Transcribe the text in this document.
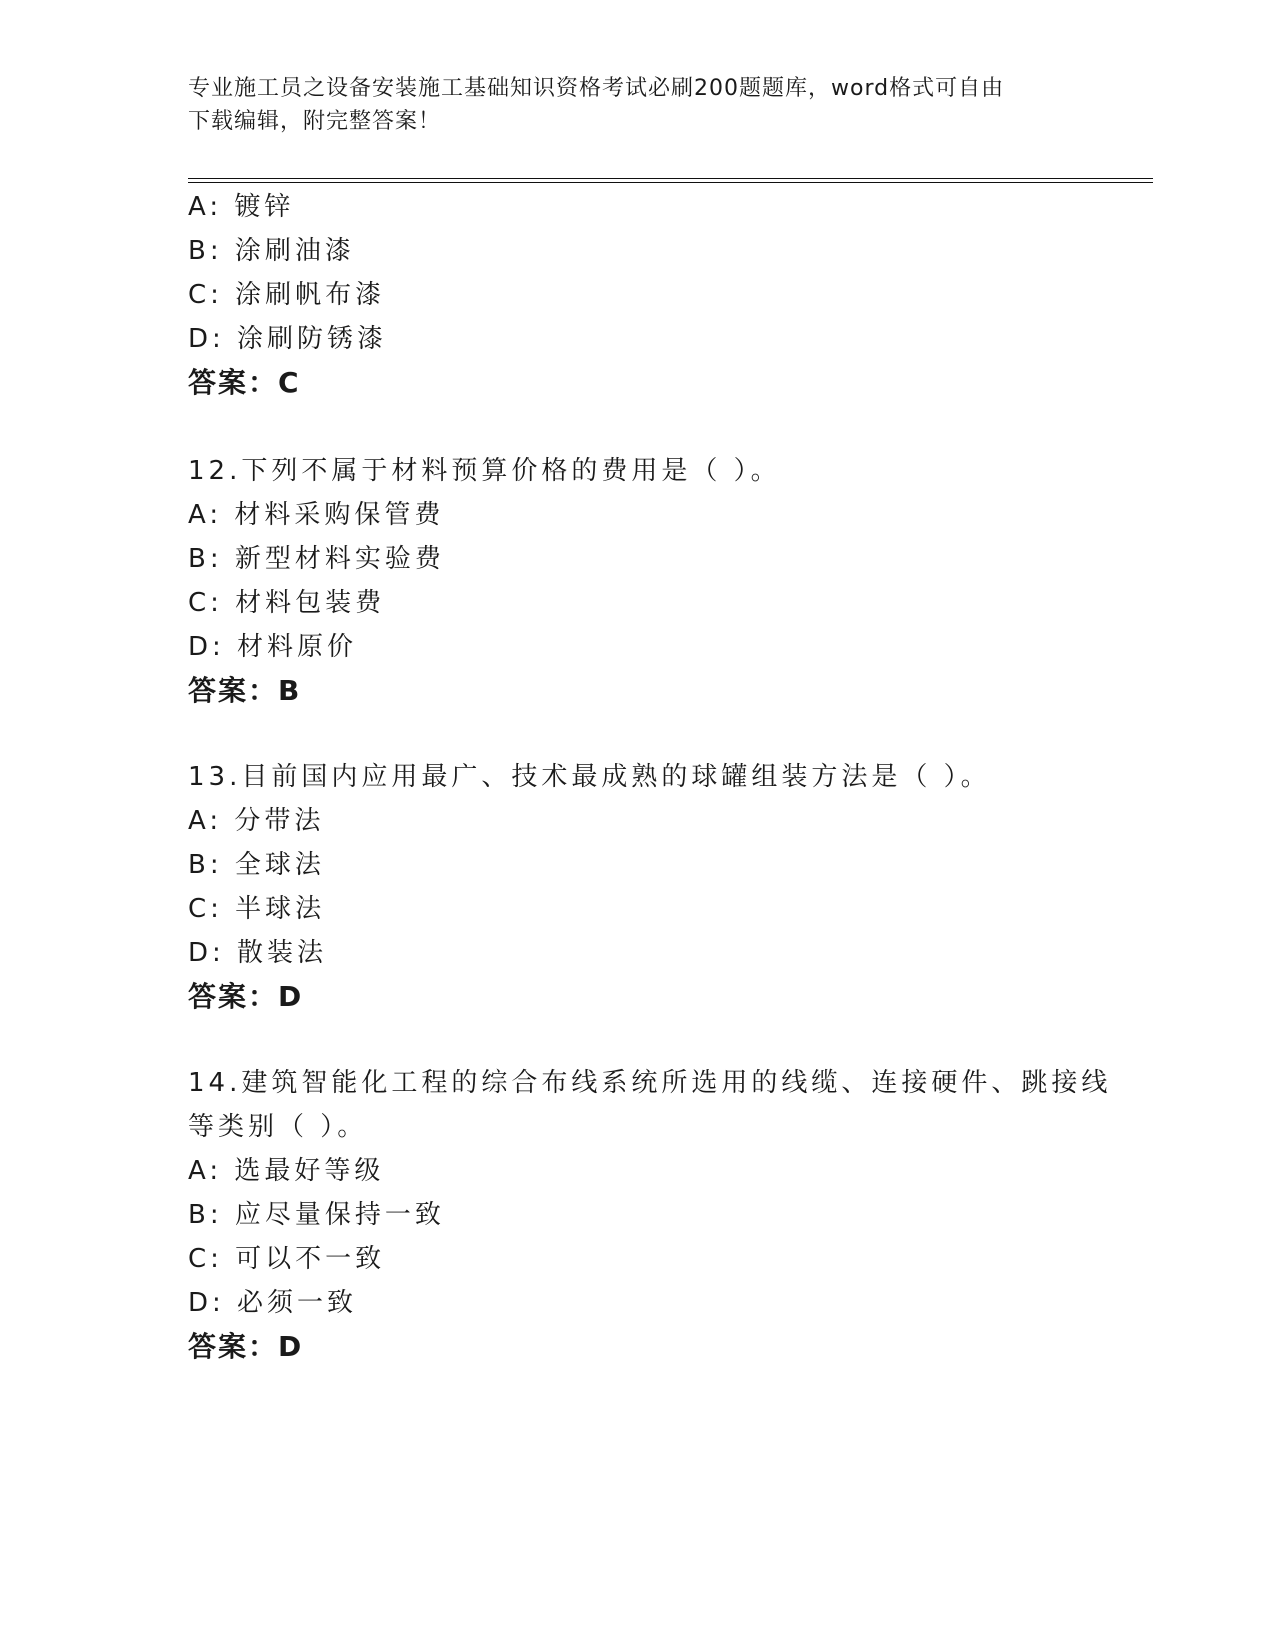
专业施工员之设备安装施工基础知识资格考试必刷200题题库，word格式可自由
下载编辑，附完整答案！
A: 镀锌
B: 涂刷油漆
C: 涂刷帆布漆
D: 涂刷防锈漆
答案：C
12.下列不属于材料预算价格的费用是（ ）。
A: 材料采购保管费
B: 新型材料实验费
C: 材料包装费
D: 材料原价
答案：B
13.目前国内应用最广、技术最成熟的球罐组装方法是（ ）。
A: 分带法
B: 全球法
C: 半球法
D: 散装法
答案：D
14.建筑智能化工程的综合布线系统所选用的线缆、连接硬件、跳接线
等类别（ ）。
A: 选最好等级
B: 应尽量保持一致
C: 可以不一致
D: 必须一致
答案：D
